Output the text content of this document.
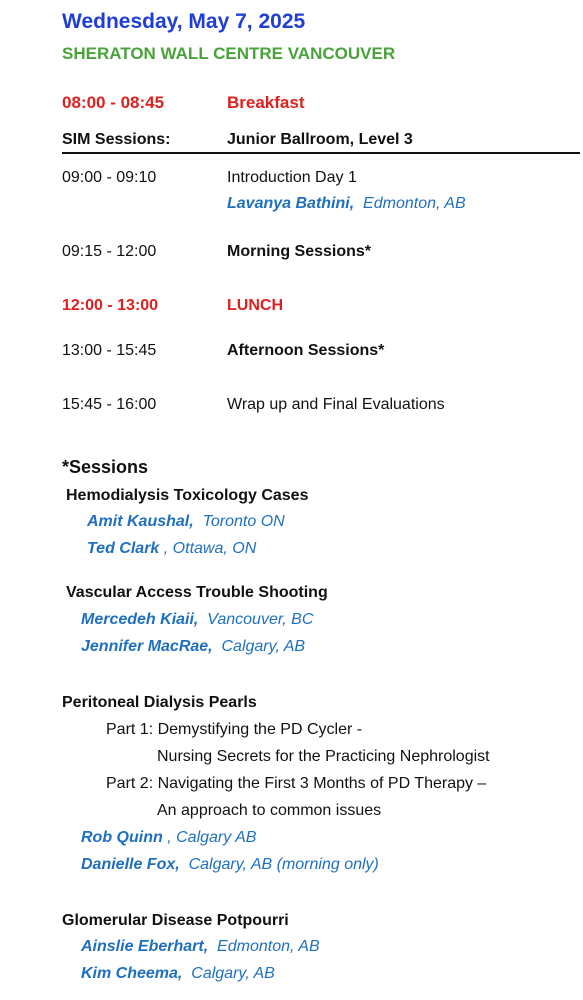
Wednesday, May 7, 2025
SHERATON WALL CENTRE VANCOUVER
08:00 - 08:45	Breakfast
SIM Sessions:	Junior Ballroom, Level 3
09:00 - 09:10	Introduction Day 1
Lavanya Bathini, Edmonton, AB
09:15 - 12:00	Morning Sessions*
12:00 - 13:00	LUNCH
13:00 - 15:45	Afternoon Sessions*
15:45 - 16:00	Wrap up and Final Evaluations
*Sessions
Hemodialysis Toxicology Cases
Amit Kaushal, Toronto ON
Ted Clark , Ottawa, ON
Vascular Access Trouble Shooting
Mercedeh Kiaii, Vancouver, BC
Jennifer MacRae, Calgary, AB
Peritoneal Dialysis Pearls
Part 1: Demystifying the PD Cycler -
Nursing Secrets for the Practicing Nephrologist
Part 2: Navigating the First 3 Months of PD Therapy –
An approach to common issues
Rob Quinn , Calgary AB
Danielle Fox, Calgary, AB (morning only)
Glomerular Disease Potpourri
Ainslie Eberhart, Edmonton, AB
Kim Cheema, Calgary, AB
